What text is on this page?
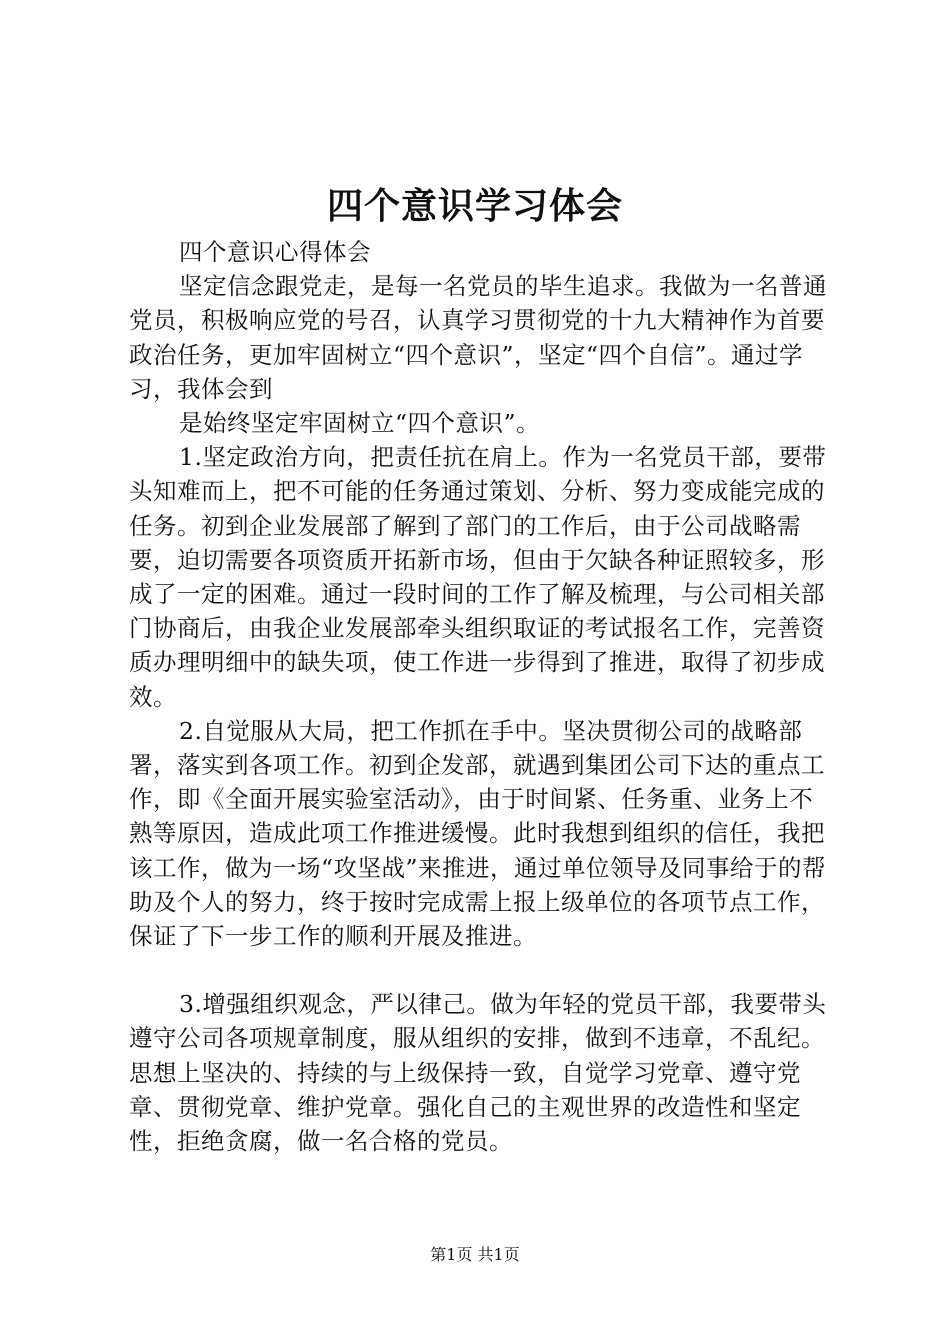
四个意识学习体会

四个意识心得体会

坚定信念跟党走，是每一名党员的毕生追求。我做为一名普通党员，积极响应党的号召，认真学习贯彻党的十九大精神作为首要政治任务，更加牢固树立“四个意识”，坚定“四个自信”。通过学习，我体会到

是始终坚定牢固树立“四个意识”。

1.坚定政治方向，把责任抗在肩上。作为一名党员干部，要带头知难而上，把不可能的任务通过策划、分析、努力变成能完成的任务。初到企业发展部了解到了部门的工作后，由于公司战略需要，迫切需要各项资质开拓新市场，但由于欠缺各种证照较多，形成了一定的困难。通过一段时间的工作了解及梳理，与公司相关部门协商后，由我企业发展部牵头组织取证的考试报名工作，完善资质办理明细中的缺失项，使工作进一步得到了推进，取得了初步成效。

2.自觉服从大局，把工作抓在手中。坚决贯彻公司的战略部署，落实到各项工作。初到企发部，就遇到集团公司下达的重点工作，即《全面开展实验室活动》，由于时间紧、任务重、业务上不熟等原因，造成此项工作推进缓慢。此时我想到组织的信任，我把该工作，做为一场“攻坚战”来推进，通过单位领导及同事给于的帮助及个人的努力，终于按时完成需上报上级单位的各项节点工作，保证了下一步工作的顺利开展及推进。

3.增强组织观念，严以律己。做为年轻的党员干部，我要带头遵守公司各项规章制度，服从组织的安排，做到不违章，不乱纪。思想上坚决的、持续的与上级保持一致，自觉学习党章、遵守党章、贯彻党章、维护党章。强化自己的主观世界的改造性和坚定性，拒绝贪腐，做一名合格的党员。

第1页 共1页
